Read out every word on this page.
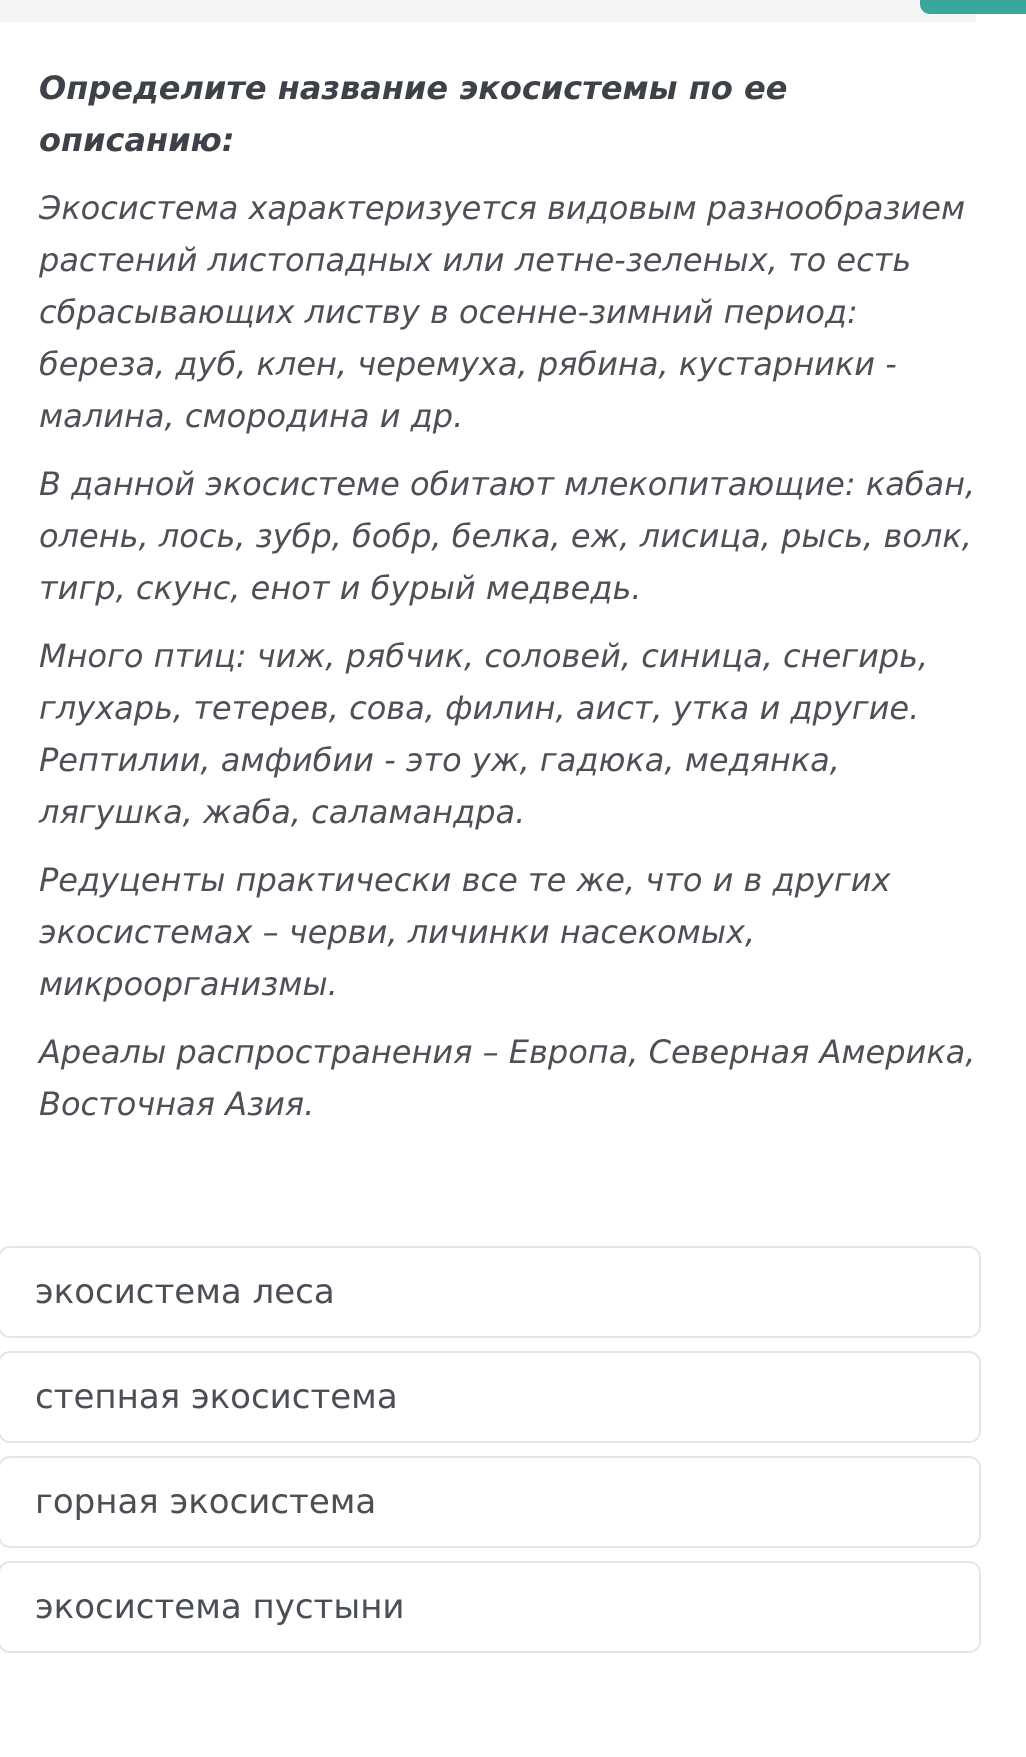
Определите название экосистемы по ее описанию:

Экосистема характеризуется видовым разнообразием растений листопадных или летне-зеленых, то есть сбрасывающих листву в осенне-зимний период: береза, дуб, клен, черемуха, рябина, кустарники - малина, смородина и др.

В данной экосистеме обитают млекопитающие: кабан, олень, лось, зубр, бобр, белка, еж, лисица, рысь, волк, тигр, скунс, енот и бурый медведь.

Много птиц: чиж, рябчик, соловей, синица, снегирь, глухарь, тетерев, сова, филин, аист, утка и другие. Рептилии, амфибии - это уж, гадюка, медянка, лягушка, жаба, саламандра.

Редуценты практически все те же, что и в других экосистемах – черви, личинки насекомых, микроорганизмы.

Ареалы распространения – Европа, Северная Америка, Восточная Азия.

экосистема леса
степная экосистема
горная экосистема
экосистема пустыни
